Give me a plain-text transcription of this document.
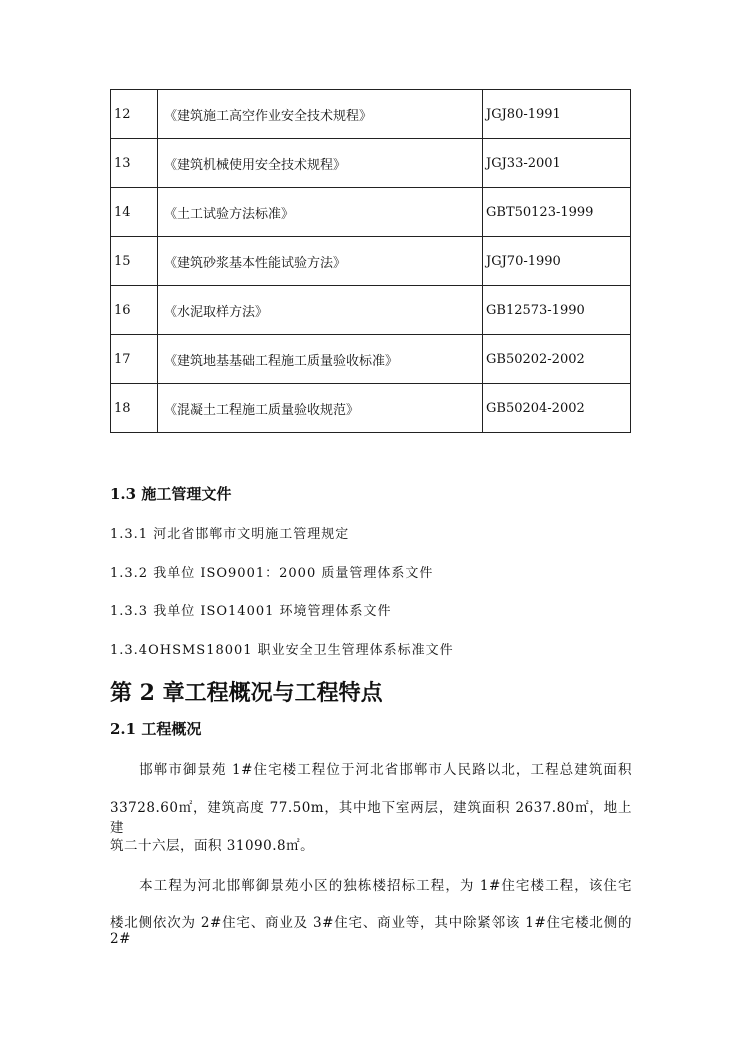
12	《建筑施工高空作业安全技术规程》	JGJ80-1991
13	《建筑机械使用安全技术规程》	JGJ33-2001
14	《土工试验方法标准》	GBT50123-1999
15	《建筑砂浆基本性能试验方法》	JGJ70-1990
16	《水泥取样方法》	GB12573-1990
17	《建筑地基基础工程施工质量验收标准》	GB50202-2002
18	《混凝土工程施工质量验收规范》	GB50204-2002
1.3 施工管理文件
1.3.1 河北省邯郸市文明施工管理规定
1.3.2 我单位 ISO9001：2000 质量管理体系文件
1.3.3 我单位 ISO14001 环境管理体系文件
1.3.4OHSMS18001 职业安全卫生管理体系标准文件
第 2 章工程概况与工程特点
2.1 工程概况
　　邯郸市御景苑 1#住宅楼工程位于河北省邯郸市人民路以北，工程总建筑面积
33728.60㎡，建筑高度 77.50m，其中地下室两层，建筑面积 2637.80㎡，地上建
筑二十六层，面积 31090.8㎡。
　　本工程为河北邯郸御景苑小区的独栋楼招标工程，为 1#住宅楼工程，该住宅
楼北侧依次为 2#住宅、商业及 3#住宅、商业等，其中除紧邻该 1#住宅楼北侧的 2#
